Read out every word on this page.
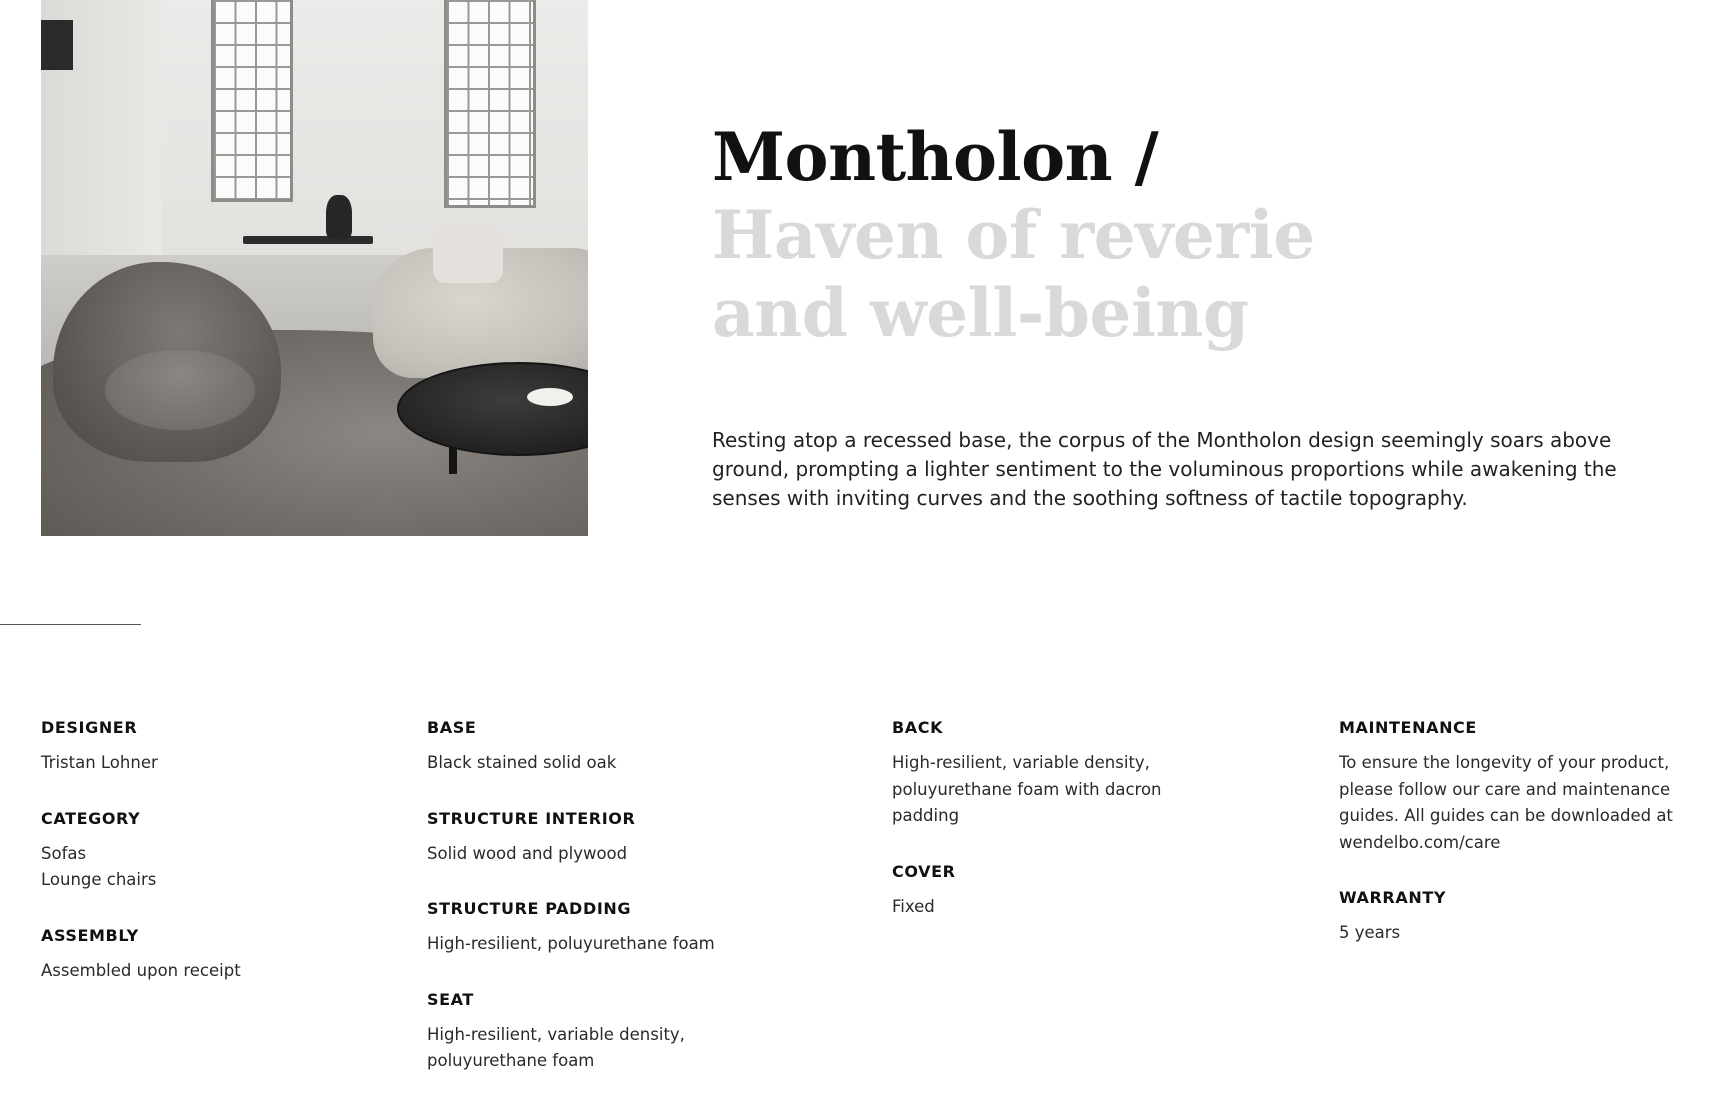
Montholon /
Haven of reverie
and well-being

Resting atop a recessed base, the corpus of the Montholon design seemingly soars above ground, prompting a lighter sentiment to the voluminous proportions while awakening the senses with inviting curves and the soothing softness of tactile topography.

DESIGNER
Tristan Lohner
CATEGORY
Sofas
Lounge chairs
ASSEMBLY
Assembled upon receipt
BASE
Black stained solid oak
STRUCTURE INTERIOR
Solid wood and plywood
STRUCTURE PADDING
High-resilient, poluyurethane foam
SEAT
High-resilient, variable density, poluyurethane foam
BACK
High-resilient, variable density, poluyurethane foam with dacron padding
COVER
Fixed
MAINTENANCE
To ensure the longevity of your product, please follow our care and maintenance guides. All guides can be downloaded at wendelbo.com/care
WARRANTY
5 years
